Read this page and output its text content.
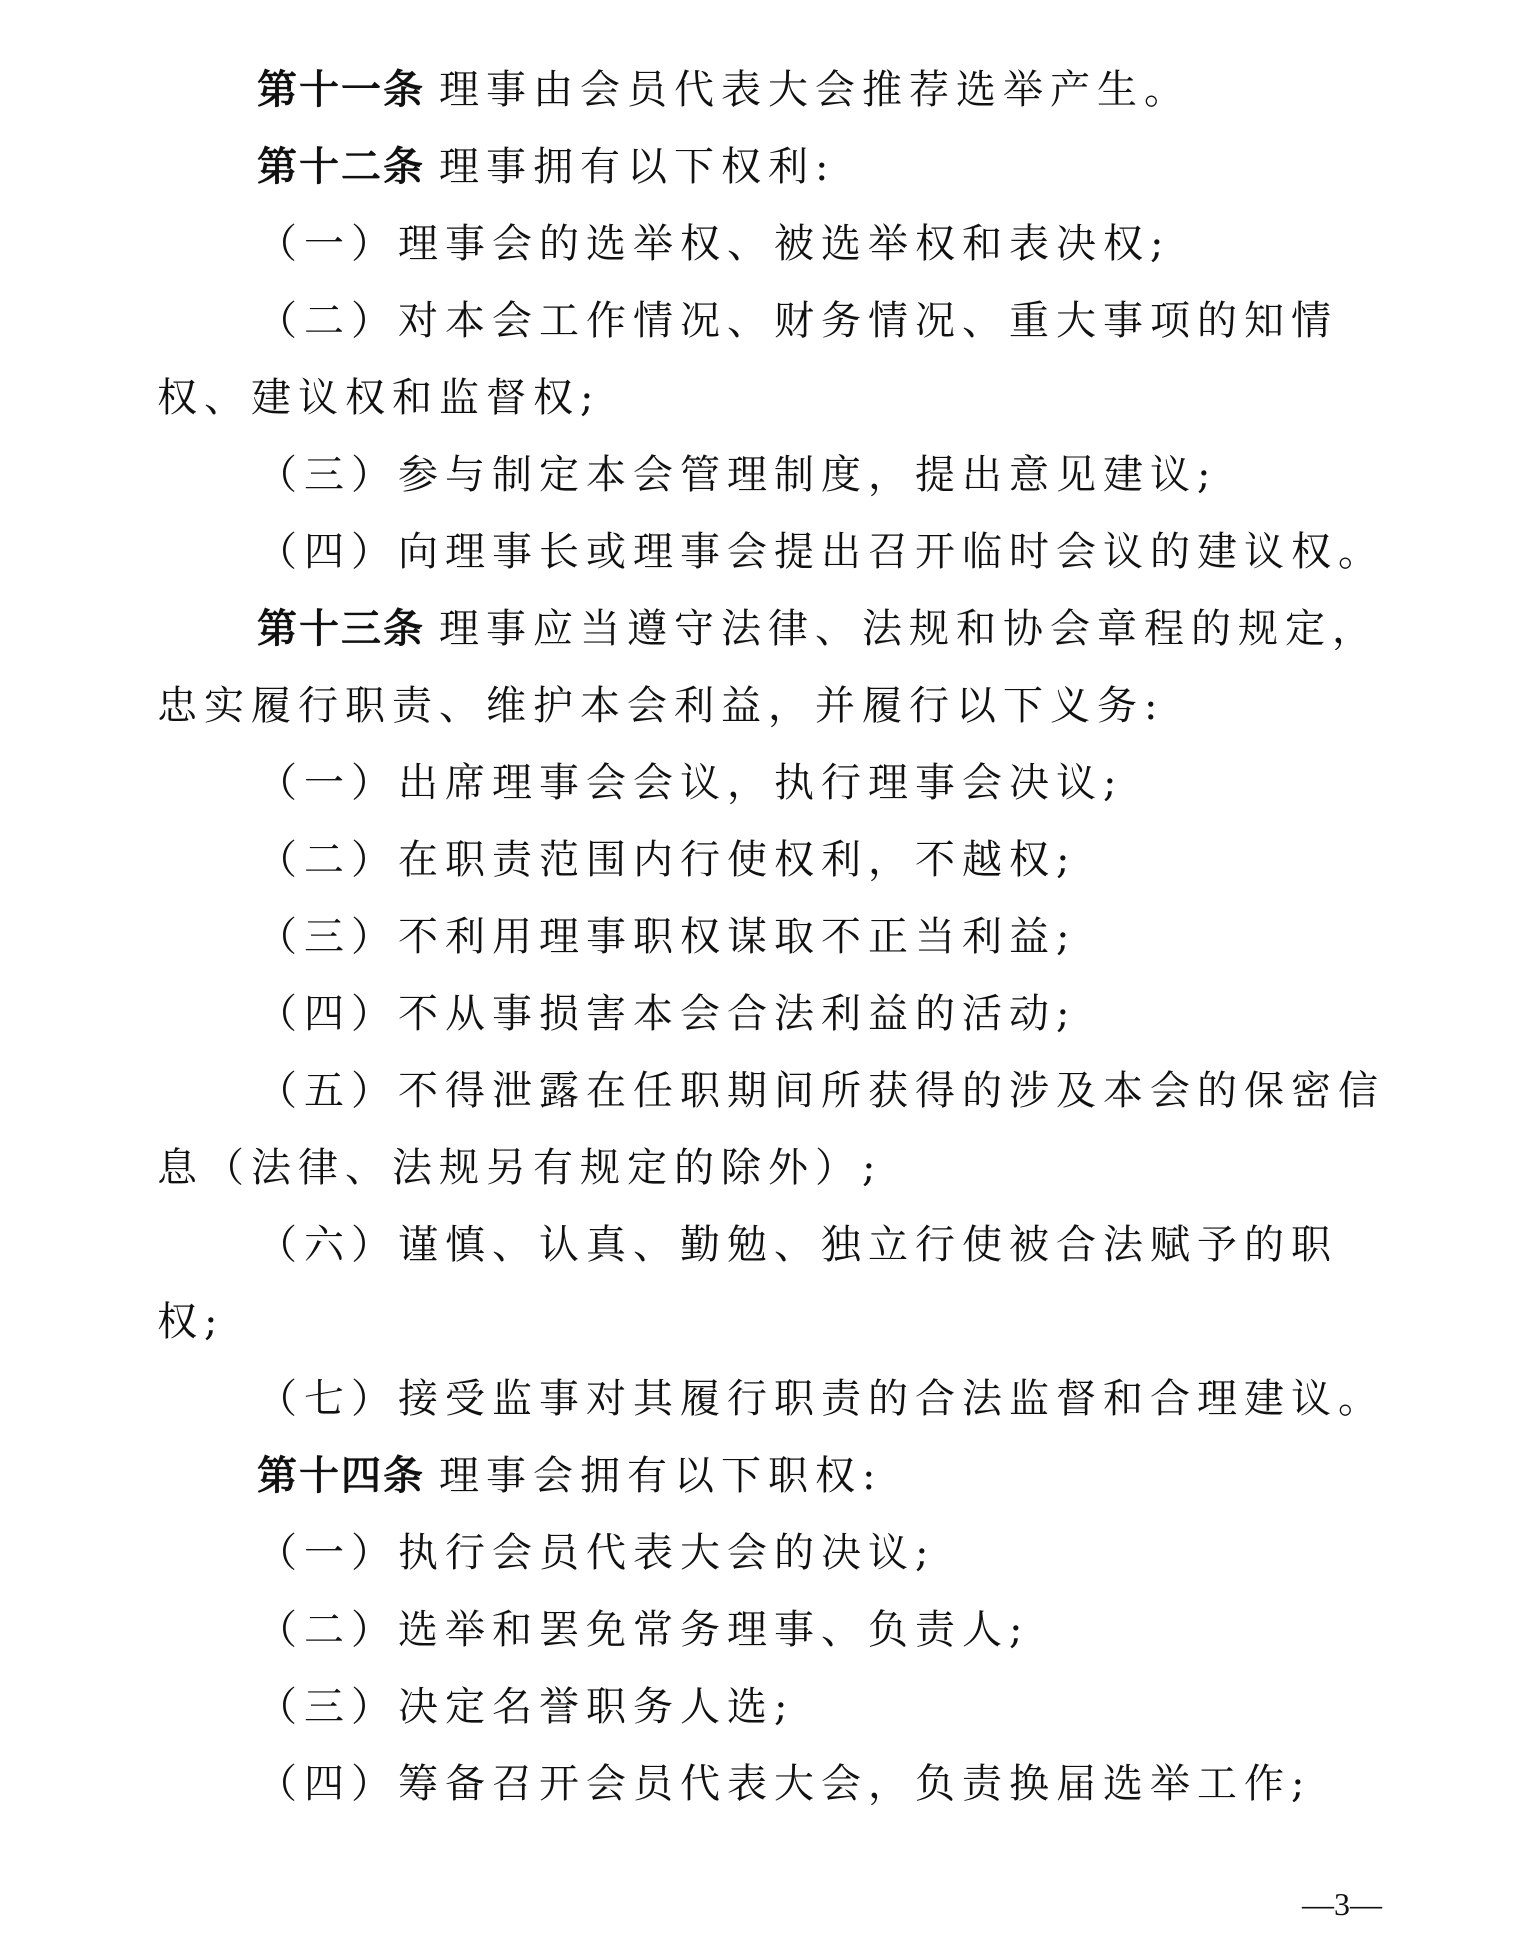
第十一条 理事由会员代表大会推荐选举产生。

第十二条 理事拥有以下权利:

（一）理事会的选举权、被选举权和表决权;

（二）对本会工作情况、财务情况、重大事项的知情权、建议权和监督权;

（三）参与制定本会管理制度，提出意见建议;

（四）向理事长或理事会提出召开临时会议的建议权。

第十三条 理事应当遵守法律、法规和协会章程的规定，忠实履行职责、维护本会利益，并履行以下义务:

（一）出席理事会会议，执行理事会决议;

（二）在职责范围内行使权利，不越权;

（三）不利用理事职权谋取不正当利益;

（四）不从事损害本会合法利益的活动;

（五）不得泄露在任职期间所获得的涉及本会的保密信息（法律、法规另有规定的除外）;

（六）谨慎、认真、勤勉、独立行使被合法赋予的职权;

（七）接受监事对其履行职责的合法监督和合理建议。

第十四条 理事会拥有以下职权:

（一）执行会员代表大会的决议;

（二）选举和罢免常务理事、负责人;

（三）决定名誉职务人选;

（四）筹备召开会员代表大会，负责换届选举工作;

—3—
